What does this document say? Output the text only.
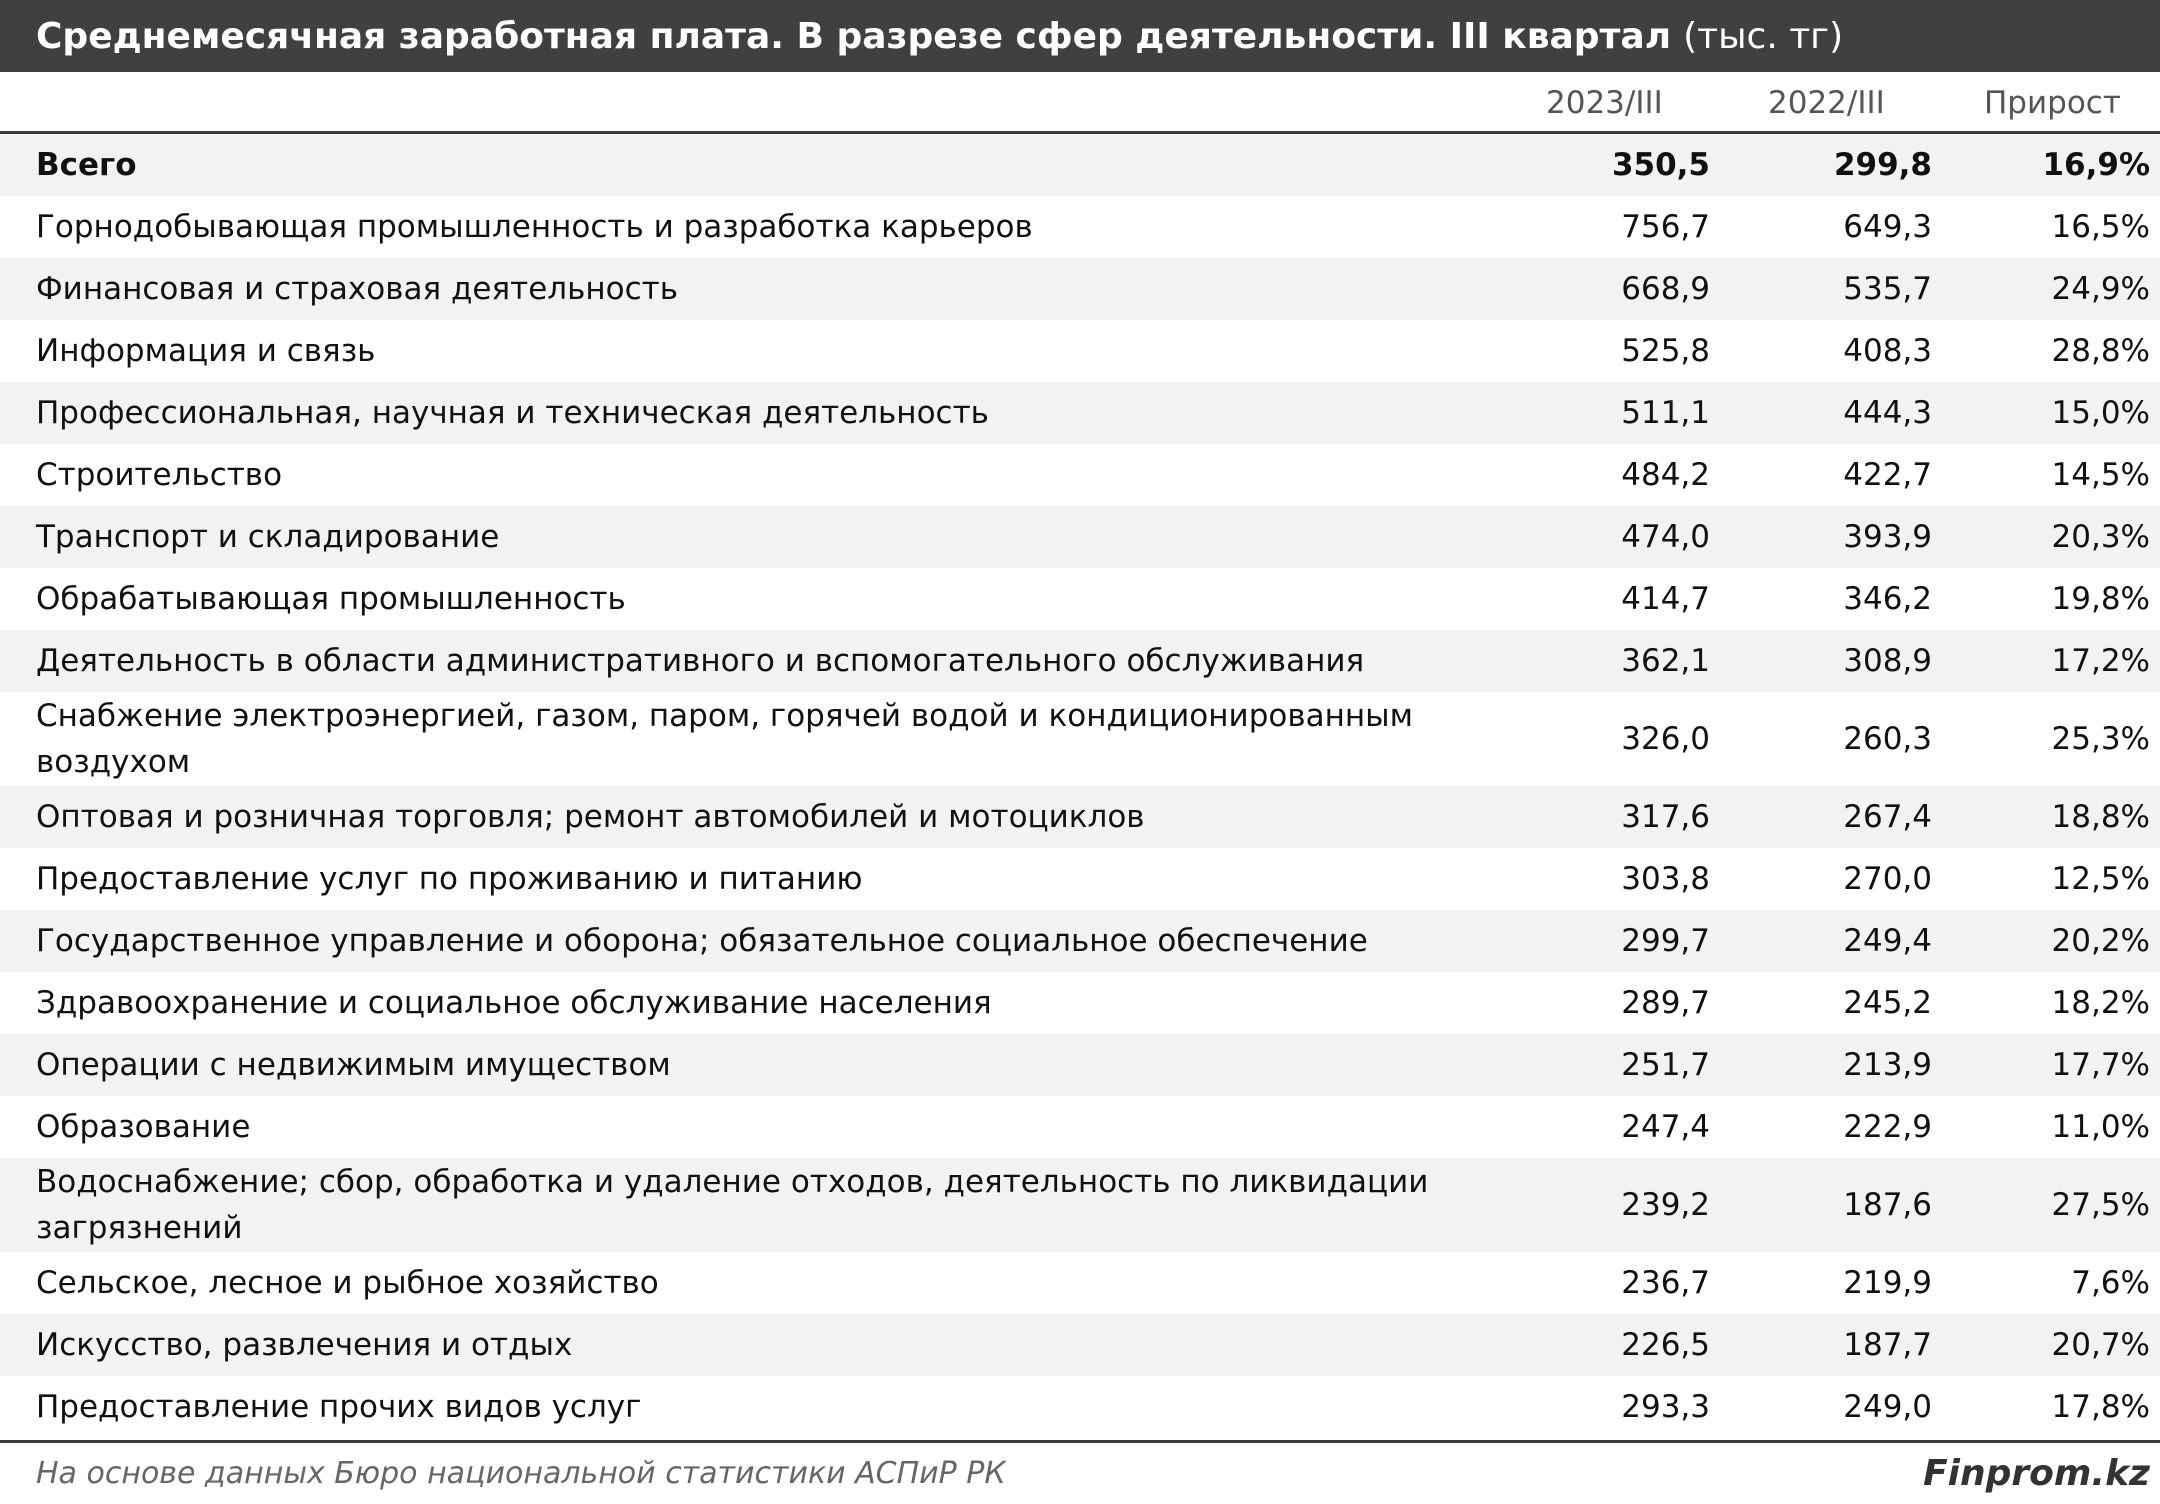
Среднемесячная заработная плата. В разрезе сфер деятельности. III квартал (тыс. тг)
2023/III	2022/III	Прирост
Всего	350,5	299,8	16,9%
Горнодобывающая промышленность и разработка карьеров	756,7	649,3	16,5%
Финансовая и страховая деятельность	668,9	535,7	24,9%
Информация и связь	525,8	408,3	28,8%
Профессиональная, научная и техническая деятельность	511,1	444,3	15,0%
Строительство	484,2	422,7	14,5%
Транспорт и складирование	474,0	393,9	20,3%
Обрабатывающая промышленность	414,7	346,2	19,8%
Деятельность в области административного и вспомогательного обслуживания	362,1	308,9	17,2%
Снабжение электроэнергией, газом, паром, горячей водой и кондиционированным
воздухом
326,0	260,3	25,3%
Оптовая и розничная торговля; ремонт автомобилей и мотоциклов	317,6	267,4	18,8%
Предоставление услуг по проживанию и питанию	303,8	270,0	12,5%
Государственное управление и оборона; обязательное социальное обеспечение	299,7	249,4	20,2%
Здравоохранение и социальное обслуживание населения	289,7	245,2	18,2%
Операции с недвижимым имуществом	251,7	213,9	17,7%
Образование	247,4	222,9	11,0%
Водоснабжение; сбор, обработка и удаление отходов, деятельность по ликвидации
загрязнений
239,2	187,6	27,5%
Сельское, лесное и рыбное хозяйство	236,7	219,9	7,6%
Искусство, развлечения и отдых	226,5	187,7	20,7%
Предоставление прочих видов услуг	293,3	249,0	17,8%
На основе данных Бюро национальной статистики АСПиР РК	Finprom.kz
